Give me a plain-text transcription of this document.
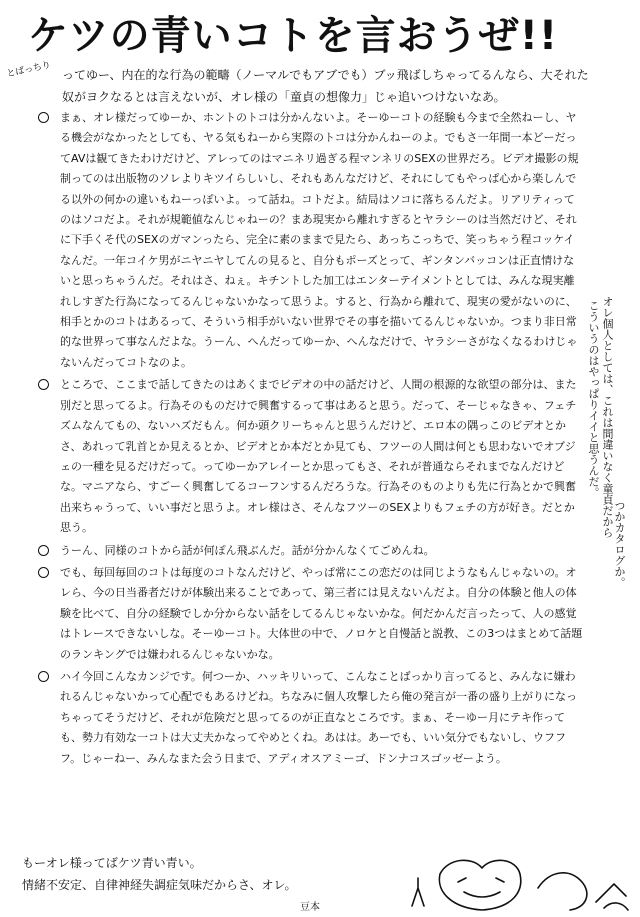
ケツの青いコトを言おうぜ!!
とばっちり ってゆー、内在的な行為の範疇（ノーマルでもアブでも）ブッ飛ばしちゃってるんなら、大それた奴がヨクなるとは言えないが、オレ様の「童貞の想像力」じゃ追いつけないなあ。
まぁ、オレ様だってゆーか、ホントのトコは分かんないよ。そーゆーコトの経験も今まで全然ねーし、ヤる機会がなかったとしても、ヤる気もねーから実際のトコは分かんねーのよ。でもさ一年間一本どーだってAVは観てきたわけだけど、アレってのはマニネリ過ぎる程マンネリのSEXの世界だろ。ビデオ撮影の規制ってのは出版物のソレよりキツイらしいし、それもあんなだけど、それにしてもやっぱ心から楽しんでる以外の何かの違いもねーっぽいよ。って話ね。コトだよ。結局はソコに落ちるんだよ。リアリティってのはソコだよ。それが規範値なんじゃねーの？まあ現実から離れすぎるとヤラシーのは当然だけど、それに下手くそ代のSEXのガマンったら、完全に素のままで見たら、あっちこっちで、笑っちゃう程コッケイなんだ。一年コイケ男がニヤニヤしてんの見ると、自分もポーズとって、ギンタンバッコンは正直情けないと思っちゃうんだ。それはさ、ねぇ。キチントした加工はエンターテイメントとしては、みんな現実離れしすぎた行為になってるんじゃないかなって思うよ。すると、行為から離れて、現実の愛がないのに、相手とかのコトはあるって、そういう相手がいない世界でその事を描いてるんじゃないか。つまり非日常的な世界って事なんだよな。うーん、へんだってゆーか、へんなだけで、ヤラシーさがなくなるわけじゃないんだってコトなのよ。
ところで、ここまで話してきたのはあくまでビデオの中の話だけど、人間の根源的な欲望の部分は、また別だと思ってるよ。行為そのものだけで興奮するって事はあると思う。だって、そーじゃなきゃ、フェチズムなんてもの、ないハズだもん。何か頭クリーちゃんと思うんだけど、エロ本の隅っこのビデオとかさ、あれって乳首とか見えるとか、ビデオとか本だとか見ても、フツーの人間は何とも思わないでオブジェの一種を見るだけだって。ってゆーかアレイーとか思ってもさ、それが普通ならそれまでなんだけどな。マニアなら、すごーく興奮してるコーフンするんだろうな。行為そのものよりも先に行為とかで興奮出来ちゃうって、いい事だと思うよ。オレ様はさ、そんなフツーのSEXよりもフェチの方が好き。だとか思う。
うーん、同様のコトから話が何ぽん飛ぶんだ。話が分かんなくてごめんね。
でも、毎回毎回のコトは毎度のコトなんだけど、やっぱ常にこの恋だのは同じようなもんじゃないの。オレら、今の日当番者だけが体験出来ることであって、第三者には見えないんだよ。自分の体験と他人の体験を比べて、自分の経験でしか分からない話をしてるんじゃないかな。何だかんだ言ったって、人の感覚はトレースできないしな。そーゆーコト。大体世の中で、ノロケと自慢話と説教、この3つはまとめて話題のランキングでは嫌われるんじゃないかな。
ハイ今回こんなカンジです。何つーか、ハッキリいって、こんなことばっかり言ってると、みんなに嫌われるんじゃないかって心配でもあるけどね。ちなみに個人攻撃したら俺の発言が一番の盛り上がりになっちゃってそうだけど、それが危険だと思ってるのが正直なところです。まぁ、そーゆー月にテキ作っても、勢力有効な一コトは大丈夫かなってやめとくね。あはは。あーでも、いい気分でもないし、ウフフフ。じゃーねー、みんなまた会う日まで、アディオスアミーゴ、ドンナコスゴッゼーよう。
オレ個人としては、これは間違いなく童貞だから
こういうのはやっぱりイイと思うんだ。
つかカタログか。
もーオレ様ってばケツ青い青い。
情緒不安定、自律神経失調症気味だからさ、オレ。
豆本
